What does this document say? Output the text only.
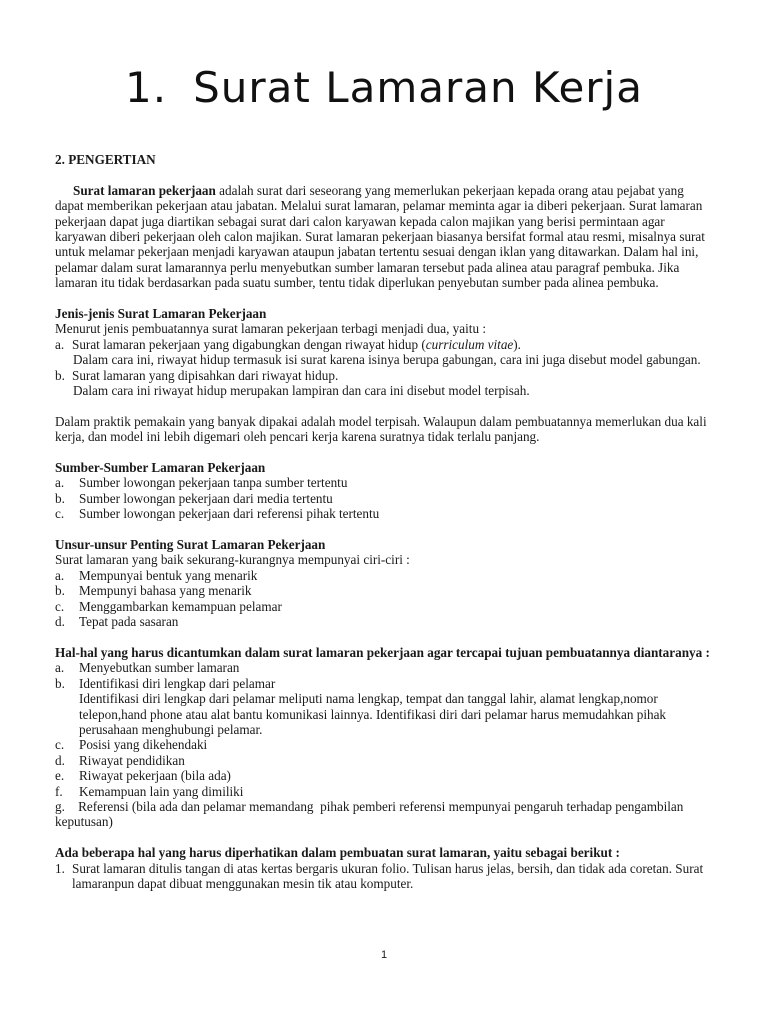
1. Surat Lamaran Kerja

2. PENGERTIAN

Surat lamaran pekerjaan adalah surat dari seseorang yang memerlukan pekerjaan kepada orang atau pejabat yang dapat memberikan pekerjaan atau jabatan. Melalui surat lamaran, pelamar meminta agar ia diberi pekerjaan. Surat lamaran pekerjaan dapat juga diartikan sebagai surat dari calon karyawan kepada calon majikan yang berisi permintaan agar karyawan diberi pekerjaan oleh calon majikan. Surat lamaran pekerjaan biasanya bersifat formal atau resmi, misalnya surat untuk melamar pekerjaan menjadi karyawan ataupun jabatan tertentu sesuai dengan iklan yang ditawarkan. Dalam hal ini, pelamar dalam surat lamarannya perlu menyebutkan sumber lamaran tersebut pada alinea atau paragraf pembuka. Jika lamaran itu tidak berdasarkan pada suatu sumber, tentu tidak diperlukan penyebutan sumber pada alinea pembuka.

Jenis-jenis Surat Lamaran Pekerjaan

Menurut jenis pembuatannya surat lamaran pekerjaan terbagi menjadi dua, yaitu :

a. Surat lamaran pekerjaan yang digabungkan dengan riwayat hidup (curriculum vitae).

Dalam cara ini, riwayat hidup termasuk isi surat karena isinya berupa gabungan, cara ini juga disebut model gabungan.

b. Surat lamaran yang dipisahkan dari riwayat hidup.

Dalam cara ini riwayat hidup merupakan lampiran dan cara ini disebut model terpisah.

Dalam praktik pemakain yang banyak dipakai adalah model terpisah. Walaupun dalam pembuatannya memerlukan dua kali kerja, dan model ini lebih digemari oleh pencari kerja karena suratnya tidak terlalu panjang.

Sumber-Sumber Lamaran Pekerjaan

a.	Sumber lowongan pekerjaan tanpa sumber tertentu
b.	Sumber lowongan pekerjaan dari media tertentu
c.	Sumber lowongan pekerjaan dari referensi pihak tertentu

Unsur-unsur Penting Surat Lamaran Pekerjaan

Surat lamaran yang baik sekurang-kurangnya mempunyai ciri-ciri :

a.	Mempunyai bentuk yang menarik
b.	Mempunyi bahasa yang menarik
c.	Menggambarkan kemampuan pelamar
d.	Tepat pada sasaran

Hal-hal yang harus dicantumkan dalam surat lamaran pekerjaan agar tercapai tujuan pembuatannya diantaranya :

a.	Menyebutkan sumber lamaran
b.	Identifikasi diri lengkap dari pelamar

Identifikasi diri lengkap dari pelamar meliputi nama lengkap, tempat dan tanggal lahir, alamat lengkap,nomor telepon,hand phone atau alat bantu komunikasi lainnya. Identifikasi diri dari pelamar harus memudahkan pihak perusahaan menghubungi pelamar.

c.	Posisi yang dikehendaki
d.	Riwayat pendidikan
e.	Riwayat pekerjaan (bila ada)
f.	Kemampuan lain yang dimiliki

g.    Referensi (bila ada dan pelamar memandang  pihak pemberi referensi mempunyai pengaruh terhadap pengambilan keputusan)

Ada beberapa hal yang harus diperhatikan dalam pembuatan surat lamaran, yaitu sebagai berikut :

1. Surat lamaran ditulis tangan di atas kertas bergaris ukuran folio. Tulisan harus jelas, bersih, dan tidak ada coretan. Surat lamaranpun dapat dibuat menggunakan mesin tik atau komputer.
1
